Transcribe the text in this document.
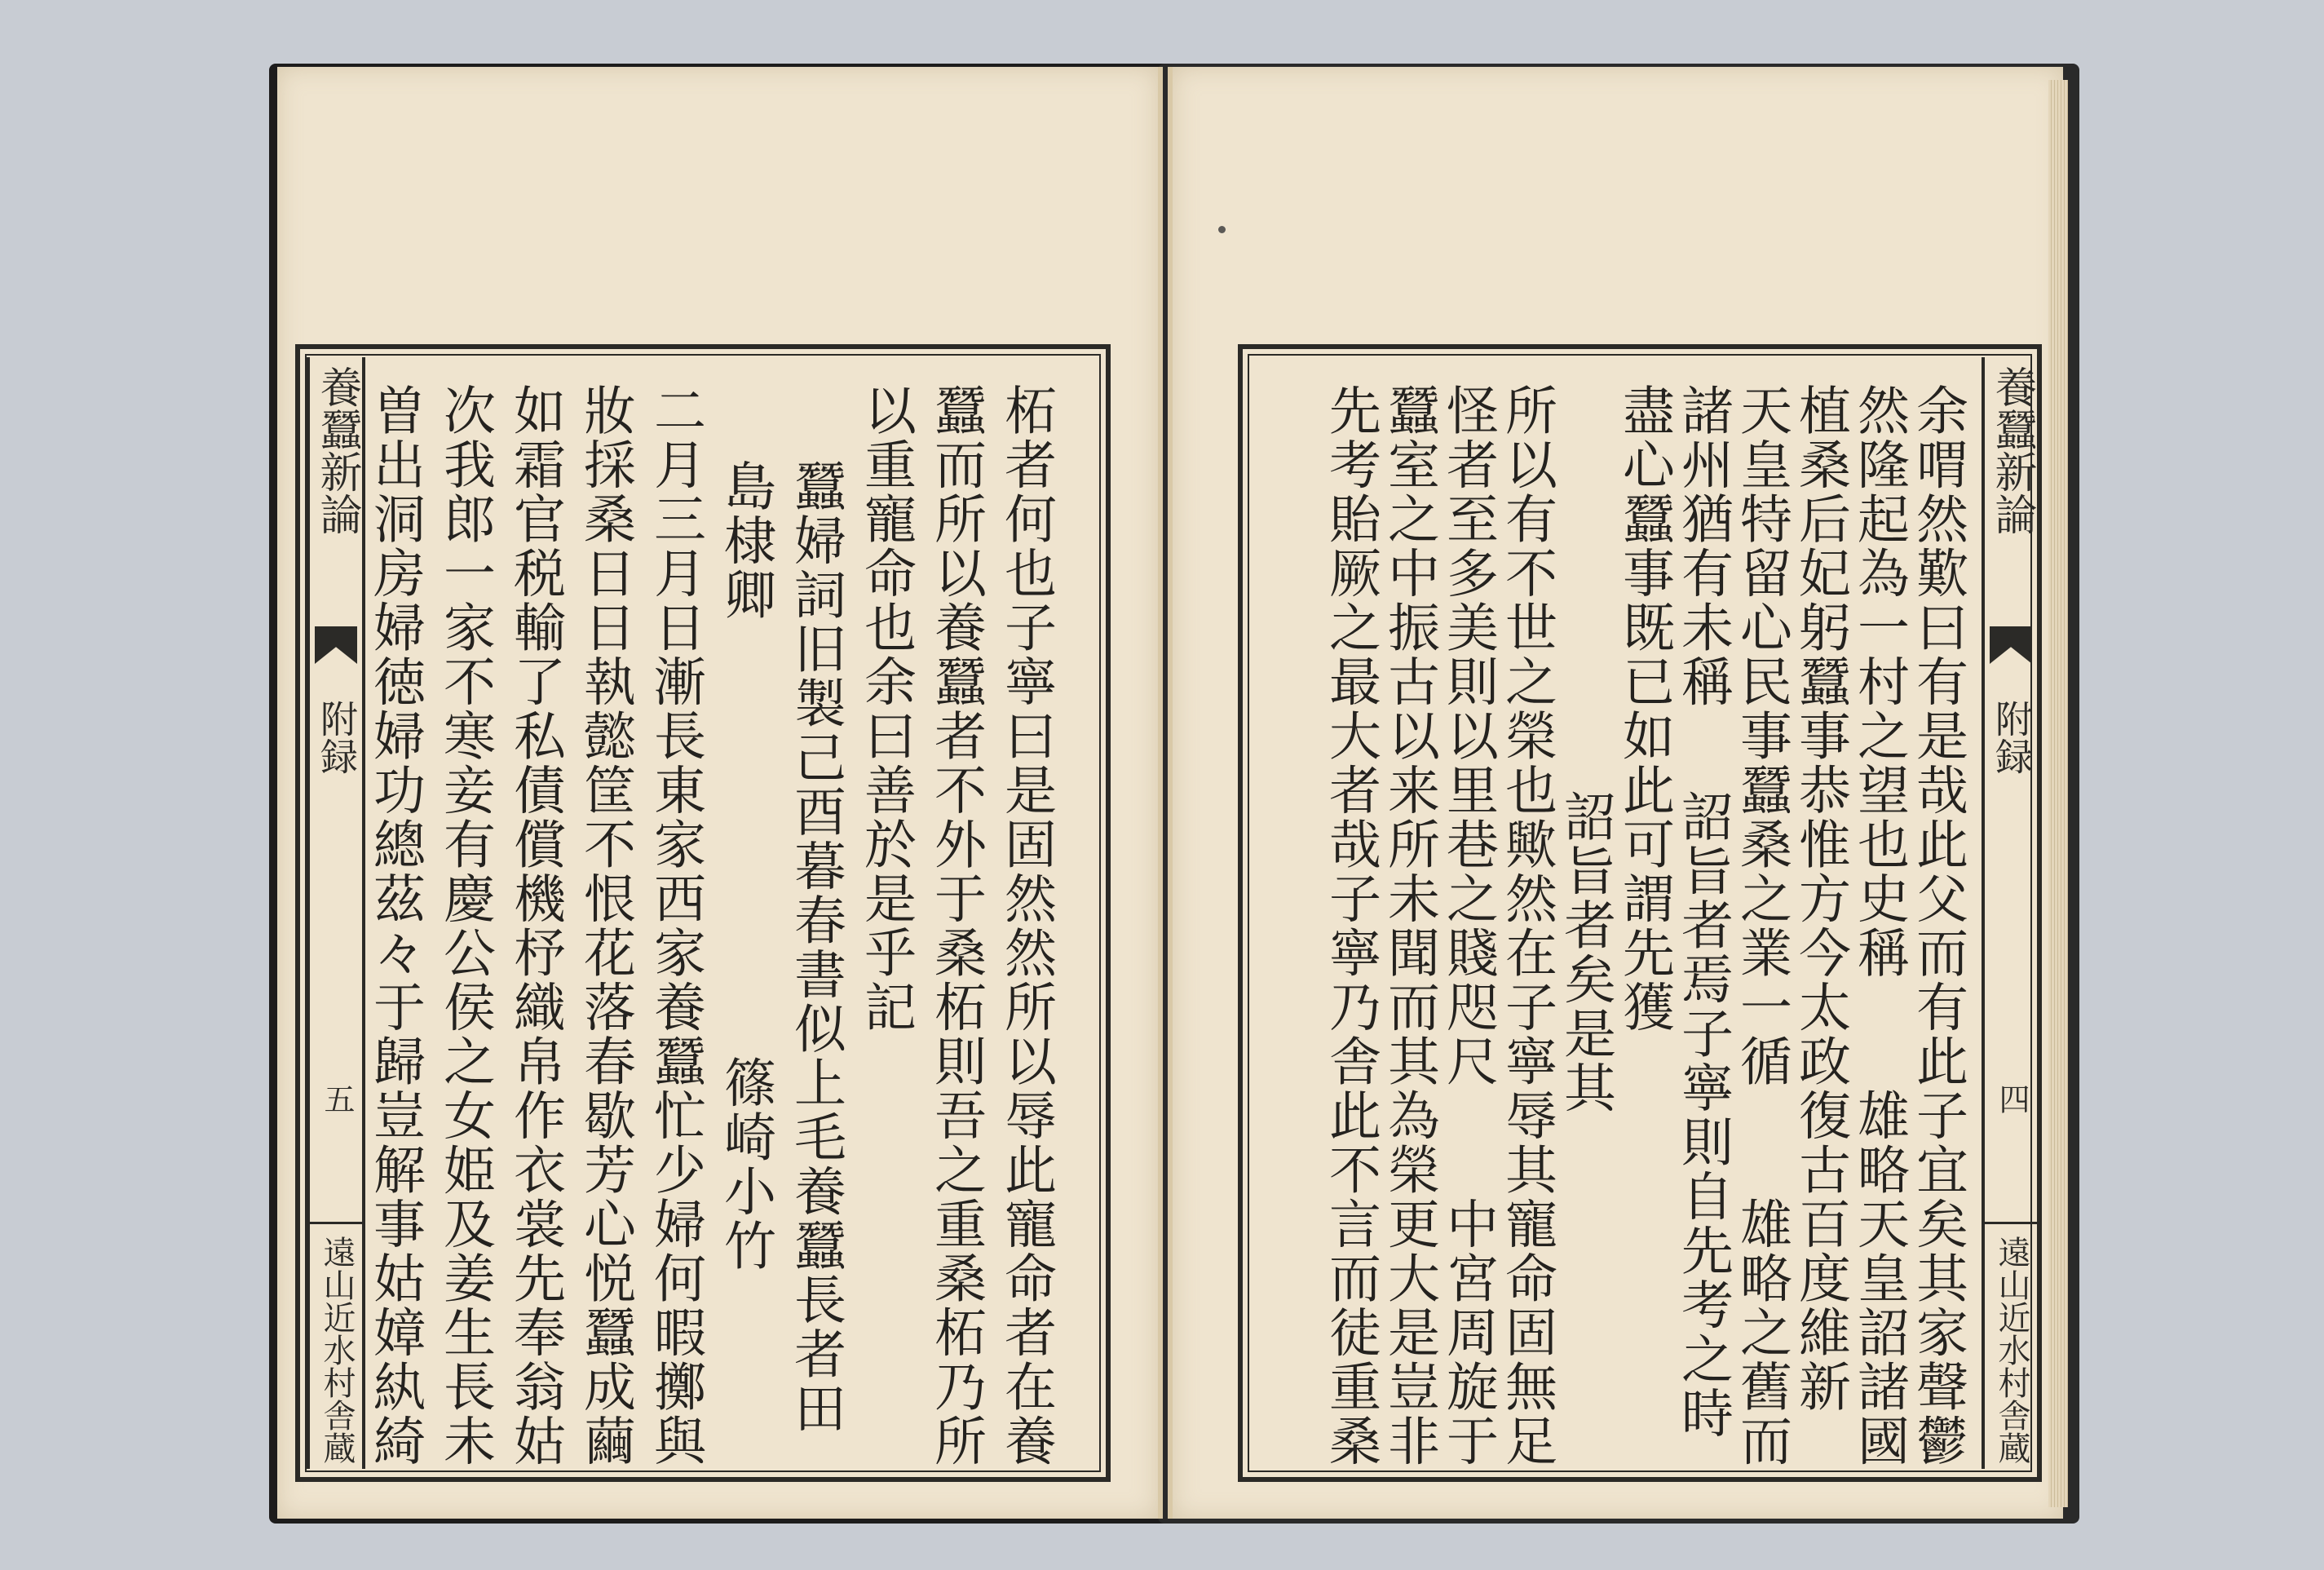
柘者何也子寧曰是固然然所以辱此寵命者在養
蠶而所以養蠶者不外于桑柘則吾之重桑柘乃所
以重寵命也余曰善於是乎記
蠶婦詞旧製己酉暮春書似上毛養蠶長者田
島棣卿　　　　　　　　篠崎小竹
二月三月日漸長東家西家養蠶忙少婦何暇擲與
妝採桑日日執懿筐不恨花落春歇芳心悦蠶成繭
如霜官税輸了私債償機杼織帛作衣裳先奉翁姑
次我郎一家不寒妾有慶公侯之女姫及姜生長未
曽出洞房婦徳婦功總茲々于歸豈解事姑嫜紈綺
養蠶新論
附録
五
遠山近水村舎蔵
養蠶新論
附録
四
遠山近水村舎蔵
余喟然歎曰有是哉此父而有此子宜矣其家聲鬱
然隆起為一村之望也史稱　　雄略天皇詔諸國
植桑后妃躬蠶事恭惟方今太政復古百度維新
天皇特留心民事蠶桑之業一循　　雄略之舊而
諸州猶有未稱
詔旨者焉子寧則自先考之時
盡心蠶事既已如此可謂先獲
詔旨者矣是其
所以有不世之榮也歟然在子寧辱其寵命固無足
怪者至多美則以里巷之賤咫尺　　中宮周旋于
蠶室之中振古以来所未聞而其為榮更大是豈非
先考貽厥之最大者哉子寧乃舎此不言而徒重桑
